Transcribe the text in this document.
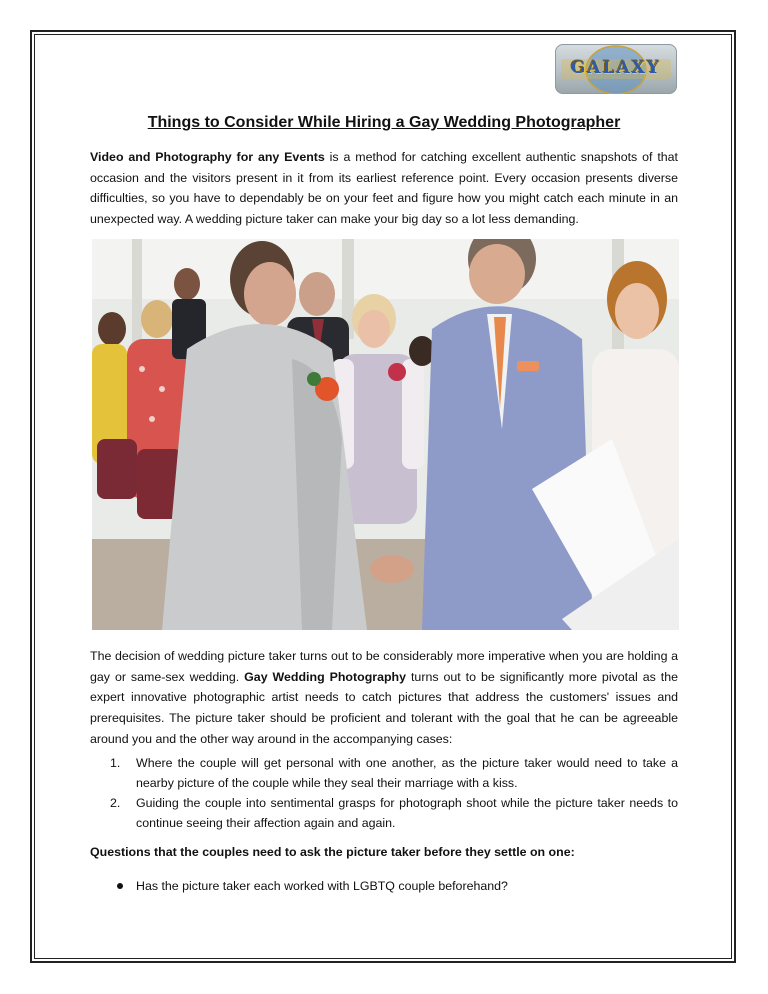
GALAXY
Things to Consider While Hiring a Gay Wedding Photographer
Video and Photography for any Events is a method for catching excellent authentic snapshots of that occasion and the visitors present in it from its earliest reference point. Every occasion presents diverse difficulties, so you have to dependably be on your feet and figure how you might catch each minute in an unexpected way. A wedding picture taker can make your big day so a lot less demanding.
The decision of wedding picture taker turns out to be considerably more imperative when you are holding a gay or same-sex wedding. Gay Wedding Photography turns out to be significantly more pivotal as the expert innovative photographic artist needs to catch pictures that address the customers' issues and prerequisites. The picture taker should be proficient and tolerant with the goal that he can be agreeable around you and the other way around in the accompanying cases:
1. Where the couple will get personal with one another, as the picture taker would need to take a nearby picture of the couple while they seal their marriage with a kiss.
2. Guiding the couple into sentimental grasps for photograph shoot while the picture taker needs to continue seeing their affection again and again.
Questions that the couples need to ask the picture taker before they settle on one:
Has the picture taker each worked with LGBTQ couple beforehand?
